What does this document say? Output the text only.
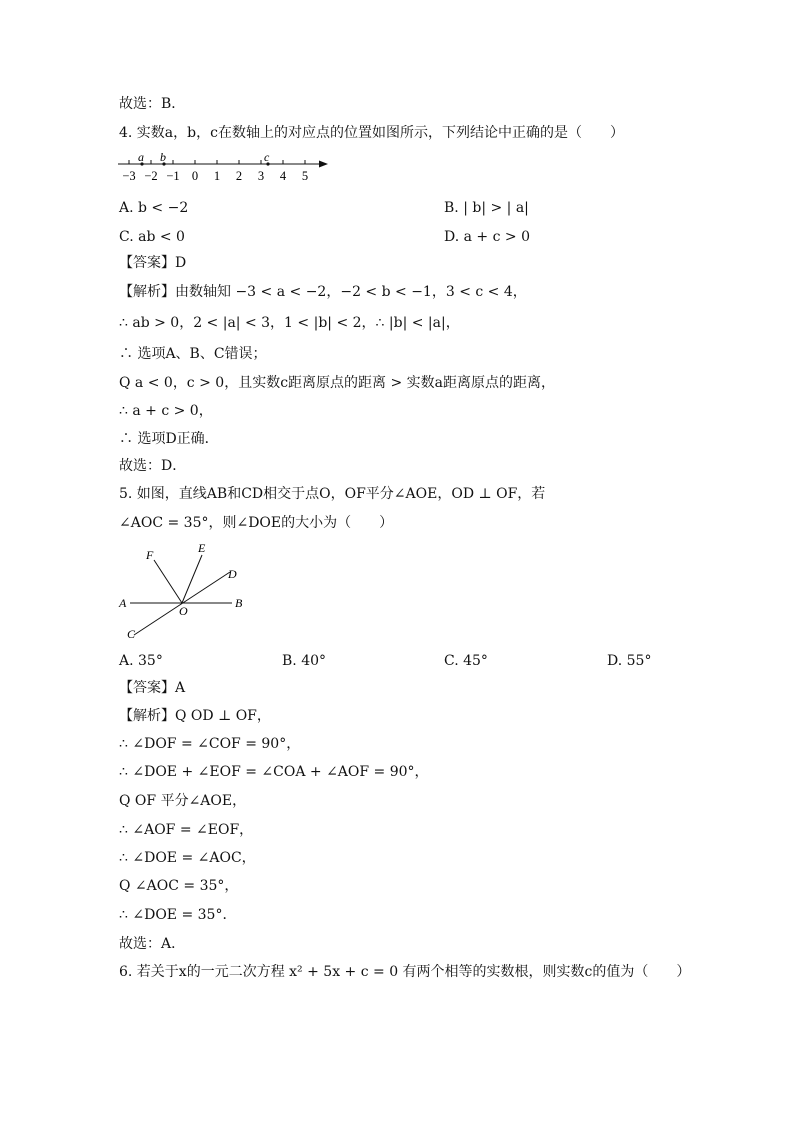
故选：B．
4. 实数a，b，c在数轴上的对应点的位置如图所示，下列结论中正确的是（　　）
a b	c
−3 −2 −1 0 1 2 3 4 5
A. b < −2	B. | b| > | a|
C. ab < 0	D. a + c > 0
【答案】D
【解析】由数轴知 −3 < a < −2，−2 < b < −1，3 < c < 4，
∴ ab > 0，2 < |a| < 3，1 < |b| < 2，∴ |b| < |a|，
∴ 选项A、B、C错误；
Q a < 0，c > 0，且实数c距离原点的距离 > 实数a距离原点的距离，
∴ a + c > 0，
∴ 选项D正确．
故选：D．
5. 如图，直线AB和CD相交于点O，OF平分∠AOE，OD ⊥ OF，若
∠AOC = 35°，则∠DOE的大小为（　　）
F	E
D
A
O
B
C
A. 35°	B. 40°	C. 45°	D. 55°
【答案】A
【解析】Q OD ⊥ OF，
∴ ∠DOF = ∠COF = 90°，
∴ ∠DOE + ∠EOF = ∠COA + ∠AOF = 90°，
Q OF 平分∠AOE，
∴ ∠AOF = ∠EOF，
∴ ∠DOE = ∠AOC，
Q ∠AOC = 35°，
∴ ∠DOE = 35°．
故选：A．
6. 若关于x的一元二次方程 x² + 5x + c = 0 有两个相等的实数根，则实数c的值为（　　）
